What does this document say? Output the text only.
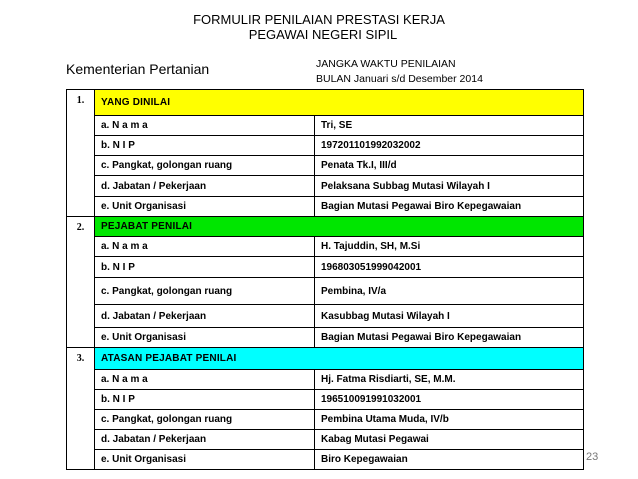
FORMULIR PENILAIAN PRESTASI KERJA
PEGAWAI NEGERI SIPIL
Kementerian Pertanian	JANGKA WAKTU PENILAIAN
BULAN Januari s/d Desember 2014
1.	YANG DINILAI	
	a. N a m a	Tri, SE
	b. N I P	197201101992032002
	c. Pangkat, golongan ruang	Penata Tk.I, III/d
	d. Jabatan / Pekerjaan	Pelaksana Subbag Mutasi Wilayah I
	e. Unit Organisasi	Bagian Mutasi Pegawai Biro Kepegawaian
2.	PEJABAT PENILAI	
	a. N a m a	H. Tajuddin, SH, M.Si
	b. N I P	196803051999042001
	c. Pangkat, golongan ruang	Pembina, IV/a
	d. Jabatan / Pekerjaan	Kasubbag Mutasi Wilayah I
	e. Unit Organisasi	Bagian Mutasi Pegawai Biro Kepegawaian
3.	ATASAN PEJABAT PENILAI	
	a. N a m a	Hj. Fatma Risdiarti, SE, M.M.
	b. N I P	196510091991032001
	c. Pangkat, golongan ruang	Pembina Utama Muda, IV/b
	d. Jabatan / Pekerjaan	Kabag Mutasi Pegawai
	e. Unit Organisasi	Biro Kepegawaian	23
